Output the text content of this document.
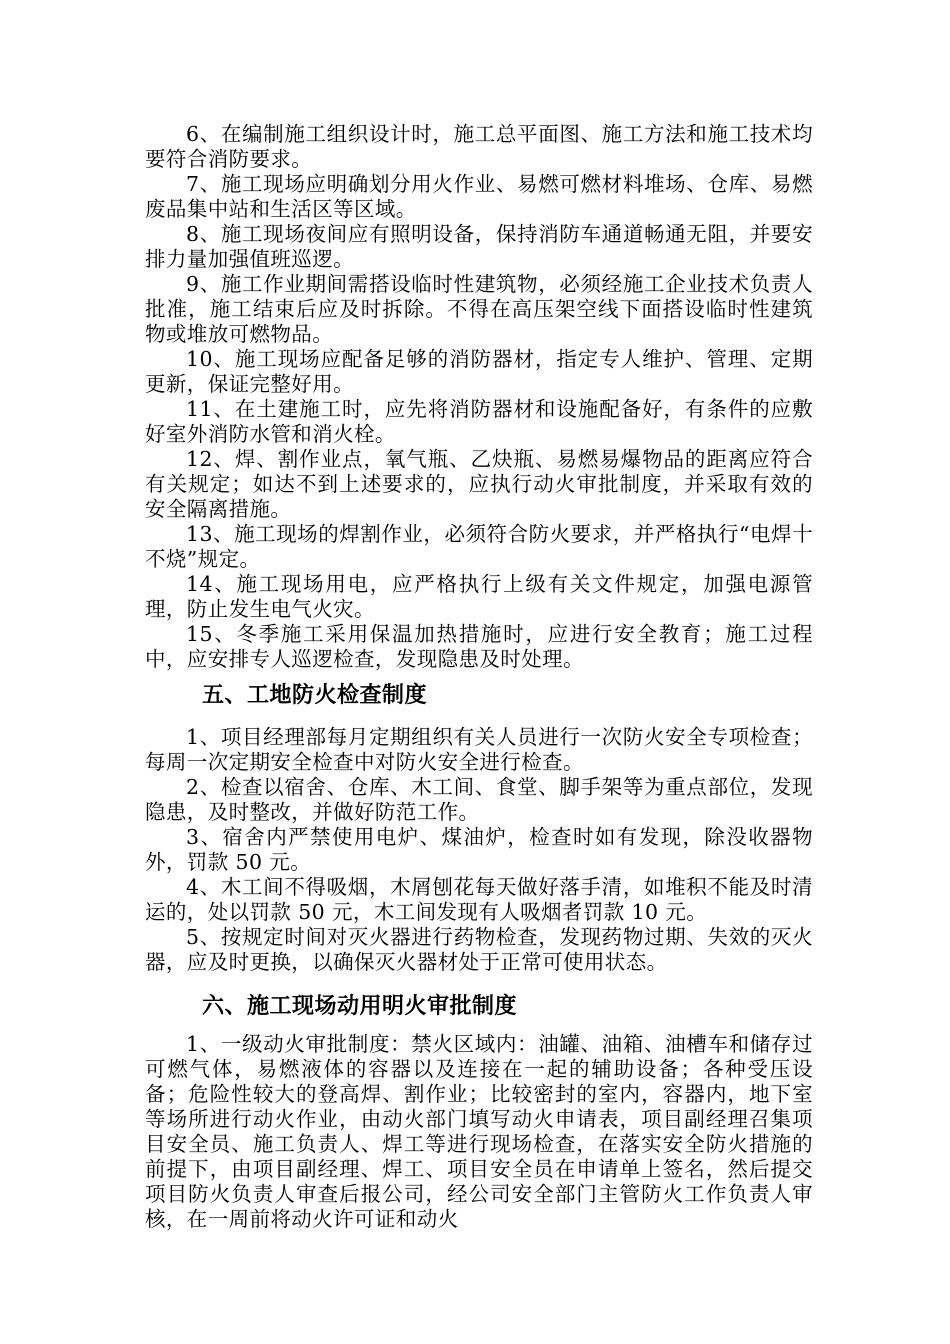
6、在编制施工组织设计时，施工总平面图、施工方法和施工技术均要符合消防要求。

7、施工现场应明确划分用火作业、易燃可燃材料堆场、仓库、易燃废品集中站和生活区等区域。

8、施工现场夜间应有照明设备，保持消防车通道畅通无阻，并要安排力量加强值班巡逻。

9、施工作业期间需搭设临时性建筑物，必须经施工企业技术负责人批准，施工结束后应及时拆除。不得在高压架空线下面搭设临时性建筑物或堆放可燃物品。

10、施工现场应配备足够的消防器材，指定专人维护、管理、定期更新，保证完整好用。

11、在土建施工时，应先将消防器材和设施配备好，有条件的应敷好室外消防水管和消火栓。

12、焊、割作业点，氧气瓶、乙炔瓶、易燃易爆物品的距离应符合有关规定；如达不到上述要求的，应执行动火审批制度，并采取有效的安全隔离措施。

13、施工现场的焊割作业，必须符合防火要求，并严格执行“电焊十不烧”规定。

14、施工现场用电，应严格执行上级有关文件规定，加强电源管理，防止发生电气火灾。

15、冬季施工采用保温加热措施时，应进行安全教育；施工过程中，应安排专人巡逻检查，发现隐患及时处理。

五、工地防火检查制度

1、项目经理部每月定期组织有关人员进行一次防火安全专项检查；每周一次定期安全检查中对防火安全进行检查。

2、检查以宿舍、仓库、木工间、食堂、脚手架等为重点部位，发现隐患，及时整改，并做好防范工作。

3、宿舍内严禁使用电炉、煤油炉，检查时如有发现，除没收器物外，罚款 50 元。

4、木工间不得吸烟，木屑刨花每天做好落手清，如堆积不能及时清运的，处以罚款 50 元，木工间发现有人吸烟者罚款 10 元。

5、按规定时间对灭火器进行药物检查，发现药物过期、失效的灭火器，应及时更换，以确保灭火器材处于正常可使用状态。

六、施工现场动用明火审批制度

1、一级动火审批制度：禁火区域内：油罐、油箱、油槽车和储存过可燃气体，易燃液体的容器以及连接在一起的辅助设备；各种受压设备；危险性较大的登高焊、割作业；比较密封的室内，容器内，地下室等场所进行动火作业，由动火部门填写动火申请表，项目副经理召集项目安全员、施工负责人、焊工等进行现场检查，在落实安全防火措施的前提下，由项目副经理、焊工、项目安全员在申请单上签名，然后提交项目防火负责人审查后报公司，经公司安全部门主管防火工作负责人审核，在一周前将动火许可证和动火
